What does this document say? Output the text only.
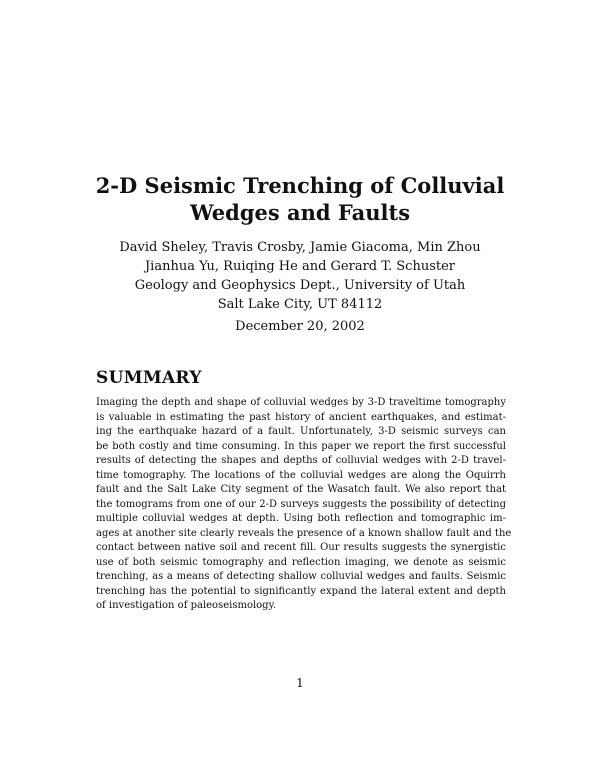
2-D Seismic Trenching of Colluvial
Wedges and Faults
David Sheley, Travis Crosby, Jamie Giacoma, Min Zhou
Jianhua Yu, Ruiqing He and Gerard T. Schuster
Geology and Geophysics Dept., University of Utah
Salt Lake City, UT 84112
December 20, 2002
SUMMARY
Imaging the depth and shape of colluvial wedges by 3-D traveltime tomography
is valuable in estimating the past history of ancient earthquakes, and estimat-
ing the earthquake hazard of a fault. Unfortunately, 3-D seismic surveys can
be both costly and time consuming. In this paper we report the first successful
results of detecting the shapes and depths of colluvial wedges with 2-D travel-
time tomography. The locations of the colluvial wedges are along the Oquirrh
fault and the Salt Lake City segment of the Wasatch fault. We also report that
the tomograms from one of our 2-D surveys suggests the possibility of detecting
multiple colluvial wedges at depth. Using both reflection and tomographic im-
ages at another site clearly reveals the presence of a known shallow fault and the
contact between native soil and recent fill. Our results suggests the synergistic
use of both seismic tomography and reflection imaging, we denote as seismic
trenching, as a means of detecting shallow colluvial wedges and faults. Seismic
trenching has the potential to significantly expand the lateral extent and depth
of investigation of paleoseismology.
1
